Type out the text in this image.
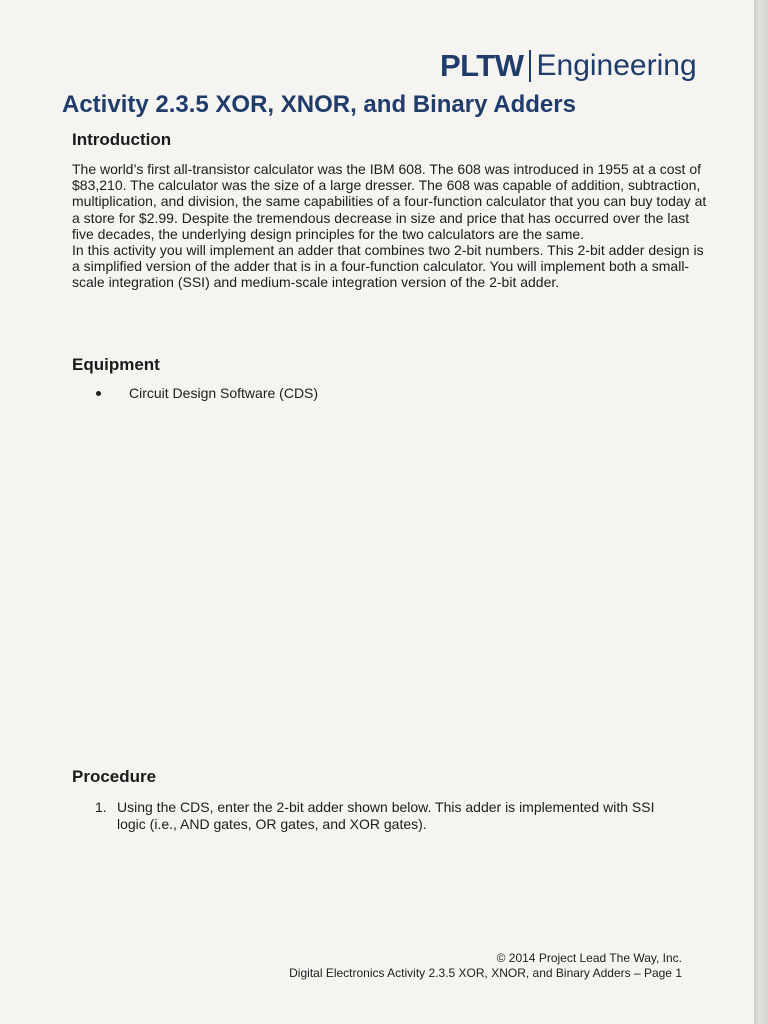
PLTW Engineering
Activity 2.3.5 XOR, XNOR, and Binary Adders
Introduction

The world’s first all-transistor calculator was the IBM 608. The 608 was introduced in 1955 at a cost of $83,210. The calculator was the size of a large dresser. The 608 was capable of addition, subtraction, multiplication, and division, the same capabilities of a four-function calculator that you can buy today at a store for $2.99. Despite the tremendous decrease in size and price that has occurred over the last five decades, the underlying design principles for the two calculators are the same.

In this activity you will implement an adder that combines two 2-bit numbers. This 2-bit adder design is a simplified version of the adder that is in a four-function calculator. You will implement both a small-scale integration (SSI) and medium-scale integration version of the 2-bit adder.

Equipment
Circuit Design Software (CDS)
Procedure
1. Using the CDS, enter the 2-bit adder shown below. This adder is implemented with SSI logic (i.e., AND gates, OR gates, and XOR gates).
© 2014 Project Lead The Way, Inc.
Digital Electronics Activity 2.3.5 XOR, XNOR, and Binary Adders – Page 1
